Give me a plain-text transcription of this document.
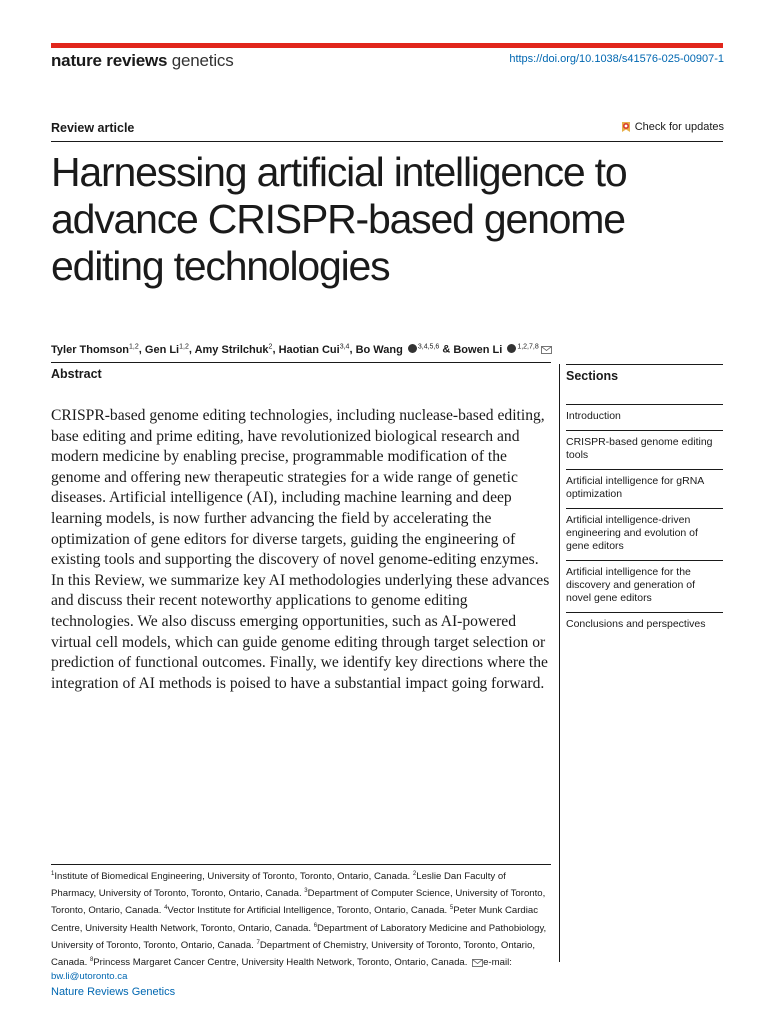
nature reviews genetics	https://doi.org/10.1038/s41576-025-00907-1
Review article	Check for updates
Harnessing artificial intelligence to advance CRISPR-based genome editing technologies
Tyler Thomson$^{1,2}$, Gen Li$^{1,2}$, Amy Strilchuk$^2$, Haotian Cui$^{3,4}$, Bo Wang $^{3,4,5,6}$ & Bowen Li $^{1,2,7,8}$
Abstract

CRISPR-based genome editing technologies, including nuclease-based editing, base editing and prime editing, have revolutionized biological research and modern medicine by enabling precise, programmable modification of the genome and offering new therapeutic strategies for a wide range of genetic diseases. Artificial intelligence (AI), including machine learning and deep learning models, is now further advancing the field by accelerating the optimization of gene editors for diverse targets, guiding the engineering of existing tools and supporting the discovery of novel genome-editing enzymes. In this Review, we summarize key AI methodologies underlying these advances and discuss their recent noteworthy applications to genome editing technologies. We also discuss emerging opportunities, such as AI-powered virtual cell models, which can guide genome editing through target selection or prediction of functional outcomes. Finally, we identify key directions where the integration of AI methods is poised to have a substantial impact going forward.

Sections
Introduction
CRISPR-based genome editing tools
Artificial intelligence for gRNA optimization
Artificial intelligence-driven engineering and evolution of gene editors
Artificial intelligence for the discovery and generation of novel gene editors
Conclusions and perspectives
$^1$Institute of Biomedical Engineering, University of Toronto, Toronto, Ontario, Canada. $^2$Leslie Dan Faculty of Pharmacy, University of Toronto, Toronto, Ontario, Canada. $^3$Department of Computer Science, University of Toronto, Toronto, Ontario, Canada. $^4$Vector Institute for Artificial Intelligence, Toronto, Ontario, Canada. $^5$Peter Munk Cardiac Centre, University Health Network, Toronto, Ontario, Canada. $^6$Department of Laboratory Medicine and Pathobiology, University of Toronto, Toronto, Ontario, Canada. $^7$Department of Chemistry, University of Toronto, Toronto, Ontario, Canada. $^8$Princess Margaret Cancer Centre, University Health Network, Toronto, Ontario, Canada. e-mail: bw.li@utoronto.ca
Nature Reviews Genetics
